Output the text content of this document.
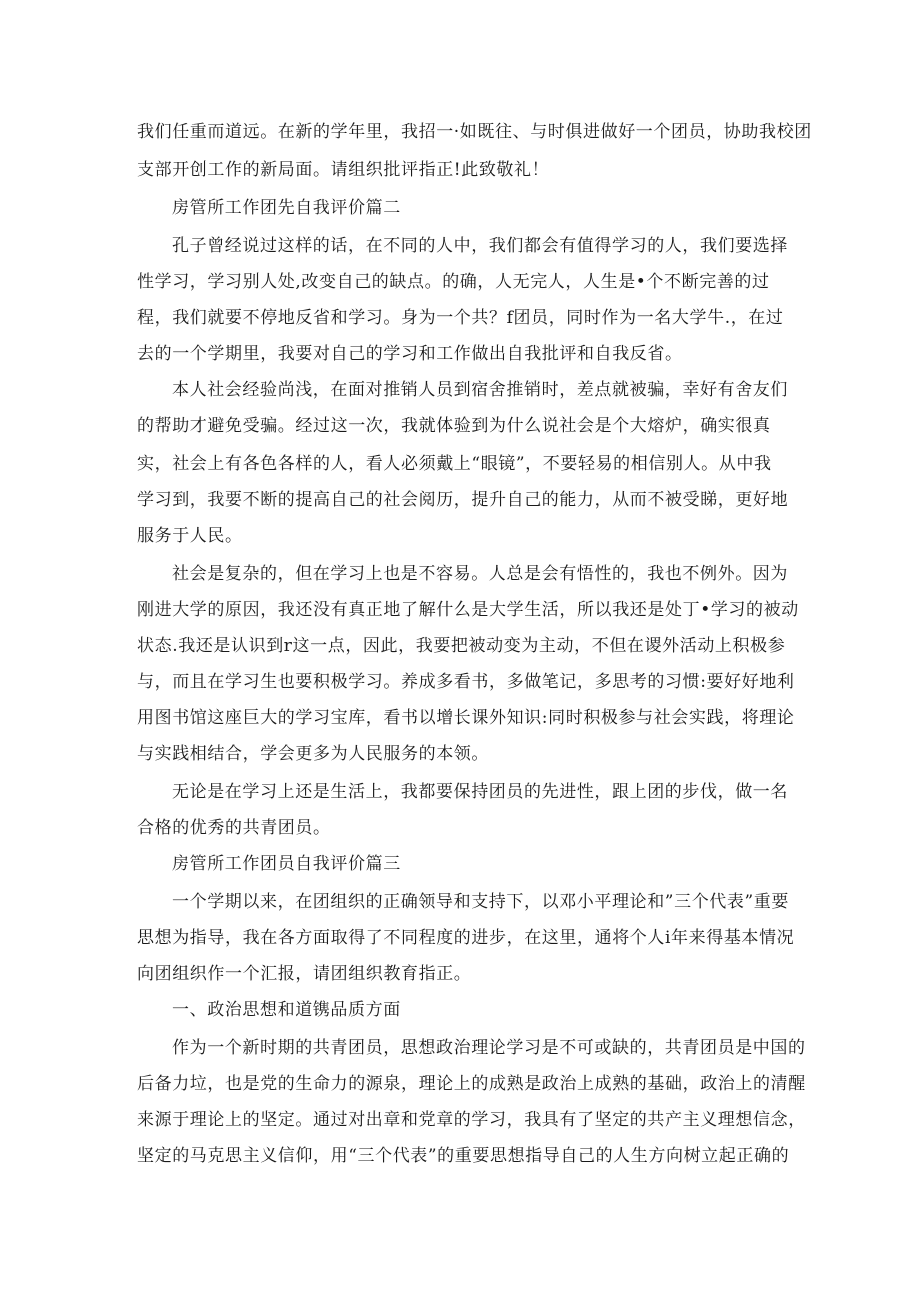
我们任重而道远。在新的学年里，我招一·如既往、与时俱进做好一个团员，协助我校团
支部开创工作的新局面。请组织批评指正!此致敬礼！
房管所工作团先自我评价篇二
孔子曾经说过这样的话，在不同的人中，我们都会有值得学习的人，我们要选择
性学习，学习别人处,改变自己的缺点。的确，人无完人，人生是•个不断完善的过
程，我们就要不停地反省和学习。身为一个共？f团员，同时作为一名大学牛.，在过
去的一个学期里，我要对自己的学习和工作做出自我批评和自我反省。
本人社会经验尚浅，在面对推销人员到宿舍推销时，差点就被骗，幸好有舍友们
的帮助才避免受骗。经过这一次，我就体验到为什么说社会是个大熔炉，确实很真
实，社会上有各色各样的人，看人必须戴上“眼镜”，不要轻易的相信别人。从中我
学习到，我要不断的提高自己的社会阅历，提升自己的能力，从而不被受睇，更好地
服务于人民。
社会是复杂的，但在学习上也是不容易。人总是会有悟性的，我也不例外。因为
刚进大学的原因，我还没有真正地了解什么是大学生活，所以我还是处丁•学习的被动
状态.我还是认识到r这一点，因此，我要把被动变为主动，不但在谡外活动上积极参
与，而且在学习生也要积极学习。养成多看书，多做笔记，多思考的习惯:要好好地利
用图书馆这座巨大的学习宝库，看书以增长课外知识:同时积极参与社会实践，将理论
与实践相结合，学会更多为人民服务的本领。
无论是在学习上还是生活上，我都要保持团员的先进性，跟上团的步伐，做一名
合格的优秀的共青团员。
房管所工作团员自我评价篇三
一个学期以来，在团组织的正确领导和支持下，以邓小平理论和”三个代表”重要
思想为指导，我在各方面取得了不同程度的进步，在这里，通将个人i年来得基本情况
向团组织作一个汇报，请团组织教育指正。
一、政治思想和道镌品质方面
作为一个新时期的共青团员，思想政治理论学习是不可或缺的，共青团员是中国的
后备力垃，也是党的生命力的源泉，理论上的成熟是政治上成熟的基础，政治上的清醒
来源于理论上的坚定。通过对出章和党章的学习，我具有了坚定的共产主义理想信念，
坚定的马克思主义信仰，用“三个代表”的重要思想指导自己的人生方向树立起正确的
